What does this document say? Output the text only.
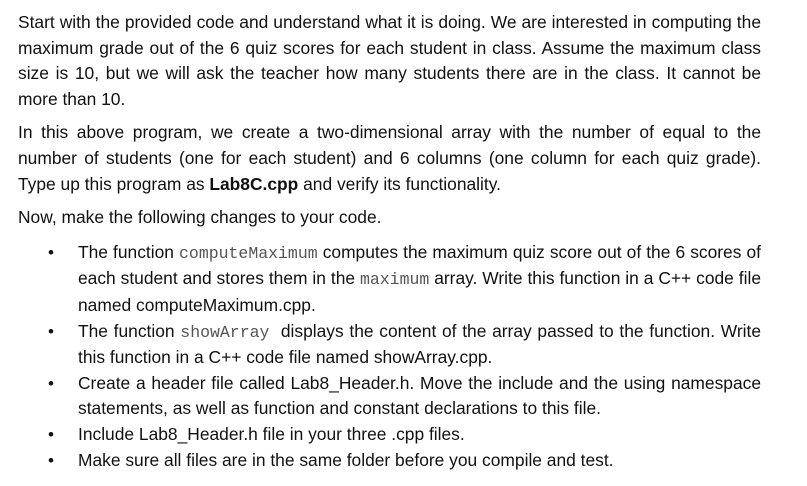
Start with the provided code and understand what it is doing. We are interested in computing the maximum grade out of the 6 quiz scores for each student in class. Assume the maximum class size is 10, but we will ask the teacher how many students there are in the class. It cannot be more than 10.

In this above program, we create a two-dimensional array with the number of equal to the number of students (one for each student) and 6 columns (one column for each quiz grade). Type up this program as Lab8C.cpp and verify its functionality.

Now, make the following changes to your code.

• The function computeMaximum computes the maximum quiz score out of the 6 scores of each student and stores them in the maximum array. Write this function in a C++ code file named computeMaximum.cpp.
• The function showArray  displays the content of the array passed to the function. Write this function in a C++ code file named showArray.cpp.
• Create a header file called Lab8_Header.h. Move the include and the using namespace statements, as well as function and constant declarations to this file.
• Include Lab8_Header.h file in your three .cpp files.
• Make sure all files are in the same folder before you compile and test.
